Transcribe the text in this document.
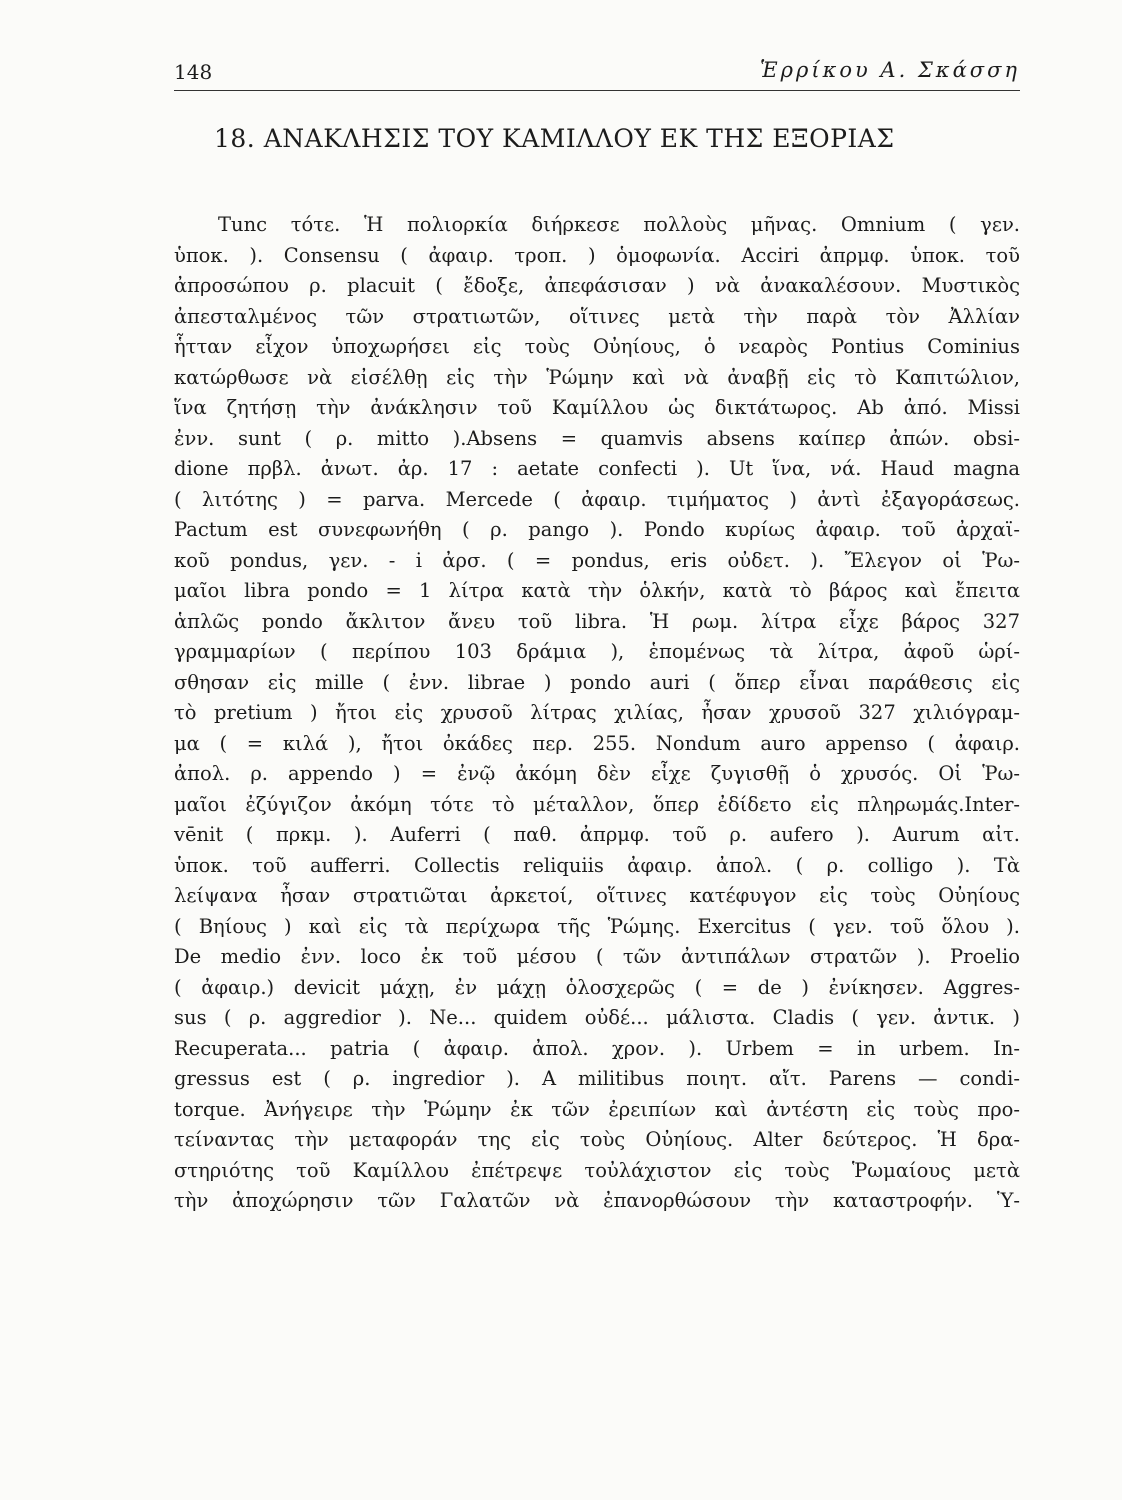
148	Ἑρρίκου Α. Σκάσση
18. ΑΝΑΚΛΗΣΙΣ ΤΟΥ ΚΑΜΙΛΛΟΥ ΕΚ ΤΗΣ ΕΞΟΡΙΑΣ
Tunc τότε. Ἡ πολιορκία διήρκεσε πολλοὺς μῆνας. Omnium ( γεν.
ὑποκ. ). Consensu ( ἀφαιρ. τροπ. ) ὁμοφωνία. Acciri ἀπρμφ. ὑποκ. τοῦ
ἀπροσώπου ρ. placuit ( ἔδοξε, ἀπεφάσισαν ) νὰ ἀνακαλέσουν. Μυστικὸς
ἀπεσταλμένος τῶν στρατιωτῶν, οἵτινες μετὰ τὴν παρὰ τὸν Ἀλλίαν
ἧτταν εἶχον ὑποχωρήσει εἰς τοὺς Οὐηίους, ὁ νεαρὸς Pontius Cominius
κατώρθωσε νὰ εἰσέλθῃ εἰς τὴν Ῥώμην καὶ νὰ ἀναβῇ εἰς τὸ Καπιτώλιον,
ἵνα ζητήσῃ τὴν ἀνάκλησιν τοῦ Καμίλλου ὡς δικτάτωρος. Ab ἀπό. Missi
ἐνν. sunt ( ρ. mitto ).Absens = quamvis absens καίπερ ἀπών. obsi-
dione πρβλ. ἀνωτ. ἀρ. 17 : aetate confecti ). Ut ἵνα, νά. Haud magna
( λιτότης ) = parva. Mercede ( ἀφαιρ. τιμήματος ) ἀντὶ ἐξαγοράσεως.
Pactum est συνεφωνήθη ( ρ. pango ). Pondo κυρίως ἀφαιρ. τοῦ ἀρχαϊ-
κοῦ pondus, γεν. - i ἀρσ. ( = pondus, eris οὐδετ. ). Ἔλεγον οἱ Ῥω-
μαῖοι libra pondo = 1 λίτρα κατὰ τὴν ὁλκήν, κατὰ τὸ βάρος καὶ ἔπειτα
ἁπλῶς pondo ἄκλιτον ἄνευ τοῦ libra. Ἡ ρωμ. λίτρα εἶχε βάρος 327
γραμμαρίων ( περίπου 103 δράμια ), ἑπομένως τὰ λίτρα, ἀφοῦ ὡρί-
σθησαν εἰς mille ( ἐνν. librae ) pondo auri ( ὅπερ εἶναι παράθεσις εἰς
τὸ pretium ) ἤτοι εἰς χρυσοῦ λίτρας χιλίας, ἦσαν χρυσοῦ 327 χιλιόγραμ-
μα ( = κιλά ), ἤτοι ὀκάδες περ. 255. Nondum auro appenso ( ἀφαιρ.
ἀπολ. ρ. appendo ) = ἐνῷ ἀκόμη δὲν εἶχε ζυγισθῇ ὁ χρυσός. Οἱ Ῥω-
μαῖοι ἐζύγιζον ἀκόμη τότε τὸ μέταλλον, ὅπερ ἐδίδετο εἰς πληρωμάς.Inter-
vēnit ( πρκμ. ). Auferri ( παθ. ἀπρμφ. τοῦ ρ. aufero ). Aurum αἰτ.
ὑποκ. τοῦ aufferri. Collectis reliquiis ἀφαιρ. ἀπολ. ( ρ. colligo ). Τὰ
λείψανα ἦσαν στρατιῶται ἀρκετοί, οἵτινες κατέφυγον εἰς τοὺς Οὐηίους
( Βηίους ) καὶ εἰς τὰ περίχωρα τῆς Ῥώμης. Exercitus ( γεν. τοῦ ὅλου ).
De medio ἐνν. loco ἐκ τοῦ μέσου ( τῶν ἀντιπάλων στρατῶν ). Proelio
( ἀφαιρ.) devicit μάχῃ, ἐν μάχῃ ὁλοσχερῶς ( = de ) ἐνίκησεν. Aggres-
sus ( ρ. aggredior ). Ne... quidem οὐδέ... μάλιστα. Cladis ( γεν. ἀντικ. )
Recuperata... patria ( ἀφαιρ. ἀπολ. χρον. ). Urbem = in urbem. In-
gressus est ( ρ. ingredior ). A militibus ποιητ. αἴτ. Parens — condi-
torque. Ἀνήγειρε τὴν Ῥώμην ἐκ τῶν ἐρειπίων καὶ ἀντέστη εἰς τοὺς προ-
τείναντας τὴν μεταφοράν της εἰς τοὺς Οὐηίους. Alter δεύτερος. Ἡ δρα-
στηριότης τοῦ Καμίλλου ἐπέτρεψε τοὐλάχιστον εἰς τοὺς Ῥωμαίους μετὰ
τὴν ἀποχώρησιν τῶν Γαλατῶν νὰ ἐπανορθώσουν τὴν καταστροφήν. Ὑ-
